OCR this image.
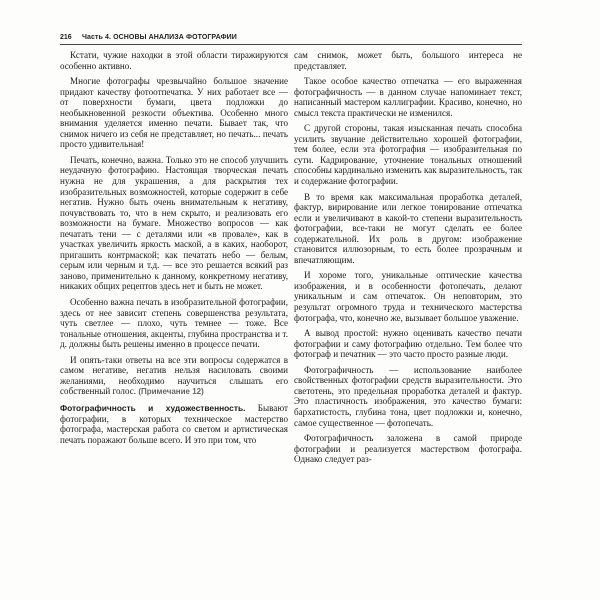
216 Часть 4. ОСНОВЫ АНАЛИЗА ФОТОГРАФИИ

Кстати, чужие находки в этой области тиражируются особенно активно.

Многие фотографы чрезвычайно большое значение придают качеству фотоотпечатка. У них работает все — от поверхности бумаги, цвета подложки до необыкновенной резкости объектива. Особенно много внимания уделяется именно печати. Бывает так, что снимок ничего из себя не представляет, но печать... печать просто удивительная!

Печать, конечно, важна. Только это не способ улучшить неудачную фотографию. Настоящая творческая печать нужна не для украшения, а для раскрытия тех изобразительных возможностей, которые содержит в себе негатив. Нужно быть очень внимательным к негативу, почувствовать то, что в нем скрыто, и реализовать его возможности на бумаге. Множество вопросов — как печатать тени — с деталями или «в провале», как в участках увеличить яркость маской, а в каких, наоборот, пригашить контрмаской; как печатать небо — белым, серым или черным и т.д. — все это решается всякий раз заново, применительно к данному, конкретному негативу, никаких общих рецептов здесь нет и быть не может.

Особенно важна печать в изобразительной фотографии, здесь от нее зависит степень совершенства результата, чуть светлее — плохо, чуть темнее — тоже. Все тональные отношения, акценты, глубина пространства и т. д. должны быть решены именно в процессе печати.

И опять-таки ответы на все эти вопросы содержатся в самом негативе, негатив нельзя насиловать своими желаниями, необходимо научиться слышать его собственный голос. (Примечание 12)

Фотографичность и художественность. Бывают фотографии, в которых техническое мастерство фотографа, мастерская работа со светом и артистическая печать поражают больше всего. И это при том, что

сам снимок, может быть, большого интереса не представляет.

Такое особое качество отпечатка — его выраженная фотографичность — в данном случае напоминает текст, написанный мастером каллиграфии. Красиво, конечно, но смысл текста практически не изменился.

С другой стороны, такая изысканная печать способна усилить звучание действительно хорошей фотографии, тем более, если эта фотография — изобразительная по сути. Кадрирование, уточнение тональных отношений способны кардинально изменить как выразительность, так и содержание фотографии.

В то время как максимальная проработка деталей, фактур, вирирование или легкое тонирование отпечатка если и увеличивают в какой-то степени выразительность фотографии, все-таки не могут сделать ее более содержательной. Их роль в другом: изображение становится иллюзорным, то есть более прозрачным и впечатляющим.

И хороме того, уникальные оптические качества изображения, и в особенности фотопечать, делают уникальным и сам отпечаток. Он неповторим, это результат огромного труда и технического мастерства фотографа, что, конечно же, вызывает большое уважение.

А вывод простой: нужно оценивать качество печати фотографии и саму фотографию отдельно. Тем более что фотограф и печатник — это часто просто разные люди.

Фотографичность — использование наиболее свойственных фотографии средств выразительности. Это светотень, это предельная проработка деталей и фактур. Это пластичность изображения, это качество бумаги: бархатистость, глубина тона, цвет подложки и, конечно, самое существенное — фотопечать.

Фотографичность заложена в самой природе фотографии и реализуется мастерством фотографа. Однако следует раз-
